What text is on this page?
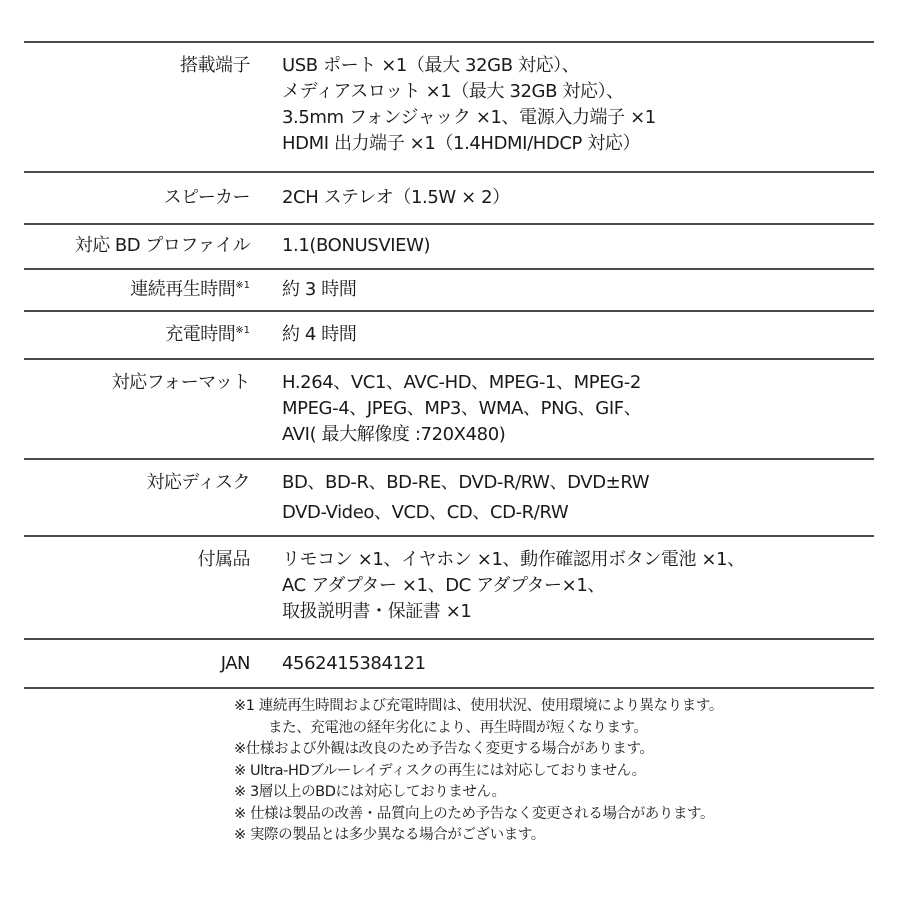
搭載端子 USB ポート ×1（最大 32GB 対応）、
メディアスロット ×1（最大 32GB 対応）、
3.5mm フォンジャック ×1、電源入力端子 ×1
HDMI 出力端子 ×1（1.4HDMI/HDCP 対応）
スピーカー 2CH ステレオ（1.5W × 2）
対応 BD プロファイル 1.1(BONUSVIEW)
連続再生時間$^{※1}$ 約 3 時間
充電時間$^{※1}$ 約 4 時間
対応フォーマット H.264、VC1、AVC-HD、MPEG-1、MPEG-2
MPEG-4、JPEG、MP3、WMA、PNG、GIF、
AVI( 最大解像度 :720X480)
対応ディスク BD、BD-R、BD-RE、DVD-R/RW、DVD±RW
DVD-Video、VCD、CD、CD-R/RW
付属品 リモコン ×1、イヤホン ×1、動作確認用ボタン電池 ×1、
AC アダプター ×1、DC アダプター×1、
取扱説明書・保証書 ×1
JAN 4562415384121
※1 連続再生時間および充電時間は、使用状況、使用環境により異なります。
また、充電池の経年劣化により、再生時間が短くなります。
※仕様および外観は改良のため予告なく変更する場合があります。
※ Ultra-HDブルーレイディスクの再生には対応しておりません。
※ 3層以上のBDには対応しておりません。
※ 仕様は製品の改善・品質向上のため予告なく変更される場合があります。
※ 実際の製品とは多少異なる場合がございます。
